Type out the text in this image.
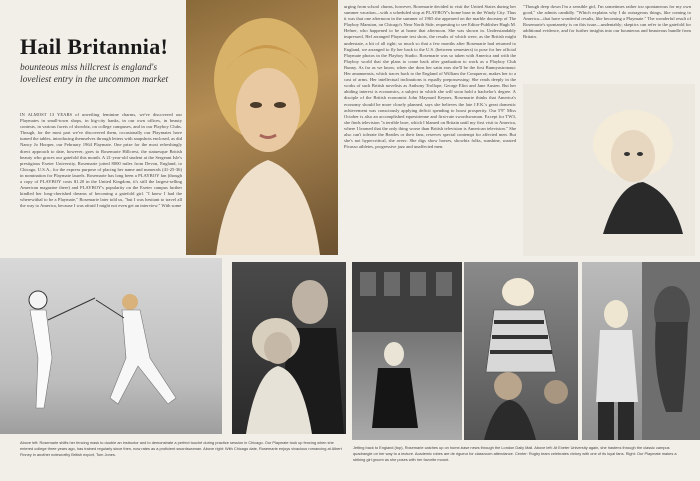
Hail Britannia!
bounteous miss hillcrest is england's loveliest entry in the uncommon market
IN ALMOST 13 YEARS of unveiling feminine charms, we've discovered our Playmates in small-town shops, in big-city banks, in our own offices, in beauty contests, in various facets of showbiz, on college campuses, and in our Playboy Clubs. Though, for the most part we've discovered them, occasionally our Playmates have turned the tables, introducing themselves through letters with snapshots enclosed, as did Nancy Jo Hooper, our February 1964 Playmate. One prize for the most refreshingly direct approach to date, however, goes to Rosemarie Hillcrest, the statuesque British beauty who graces our gatefold this month. A 21-year-old student at the Sergeant Isle's prestigious Exeter University, Rosemarie jotted 8000 miles from Devon, England, to Chicago, U.S.A., for the express purpose of placing her name and numerals (41-25-36) in nomination for Playmate laurels. Rosemarie has long been a PLAYBOY fan (though a copy of PLAYBOY costs $1.20 in the United Kingdom, it's still the largest-selling American magazine there) and PLAYBOY's popularity on the Exeter campus further kindled her long-cherished dreams of becoming a gatefold girl. "I knew I had the wherewithal to be a Playmate," Rosemarie later told us, "but I was hesitant to travel all the way to America, because I was afraid I might not even get an interview." With some
urging from school chums, however, Rosemarie decided to visit the United States during her summer vacation—with a scheduled stop at PLAYBOY's home base in the Windy City. Thus it was that one afternoon in the summer of 1965 she appeared on the marble doorstep of The Playboy Mansion, on Chicago's Near North Side, requesting to see Editor-Publisher Hugh M. Hefner, who happened to be at home that afternoon. She was shown in. Understandably impressed, Hef arranged Playmate test shots, the results of which were, as the British might understate, a bit of all right; so much so that a few months after Rosemarie had returned to England, we arranged to fly her back to the U.S. (between semesters) to pose for her official Playmate photos in the Playboy Studio. Rosemarie was so taken with America and with the Playboy world that she plans to come back after graduation to work as a Playboy Club Bunny. As far as we know, when she dons her satin ears she'll be the first Bunnyastronaut: Her amanuensis, which traces back to the England of William the Conqueror, makes her to a cast of arms. Her intellectual inclinations is equally prepossessing: She reads deeply in the works of such British novelists as Anthony Trollope, George Eliot and Jane Austen. But her abiding interest is economics, a subject in which she will soon hold a bachelor's degree. A disciple of the British economist John Maynard Keynes, Rosemarie thinks that America's economy should be more closely planned, says she believes the late J.F.K.'s great domestic achievement was consciously applying deficit spending to boost prosperity. Our 5'9" Miss October is also an accomplished equestrienne and first-rate swordswoman. Except for TW3, she finds television "a terrible bore, which I blamed on Britain until my first visit to America, where I learned that the only thing worse than British television is American television." She also can't tolerate the Beatles or their fans, reserves special contempt for affected men. But she's not hypercritical, she avers: She digs show horses, showbiz folks, sunshine, roasted Picasso athletes, progressive jazz and unaffected men.
"Though deep down I'm a sensible girl, I'm sometimes rather too spontaneous for my own good," she admits candidly. "Which explains why I do outrageous things, like coming to America—that have wonderful results, like becoming a Playmate." The wonderful result of Rosemarie's spontaneity is on this issue—undeniably; skeptics can refer to the gatefold for additional evidence, and for further insights into our bounteous and beauteous bundle from Britain.
Above left: Rosemarie shifts her fencing mask to double an instructor and to demonstrate a perfect touché during practice session in Chicago. Our Playmate took up fencing when she entered college three years ago, has trained regularly since then, now rates as a proficient swordswoman. Above right: With Chicago date, Rosemarie enjoys vivacious romancing at Albert Finney in another noteworthy British export, Tom Jones.
Jetting back to England (top), Rosemarie catches up on home-base news through the London Daily Mail. Above left: At Exeter University again, she hastens through the classic campus quadrangle on her way to a lecture. Academic robes are de rigueur for classroom attendance. Center: Rugby team celebrates victory with one of its loyal fans. Right: Our Playmate makes a striking girl groom as she poses with her favorite mount.
